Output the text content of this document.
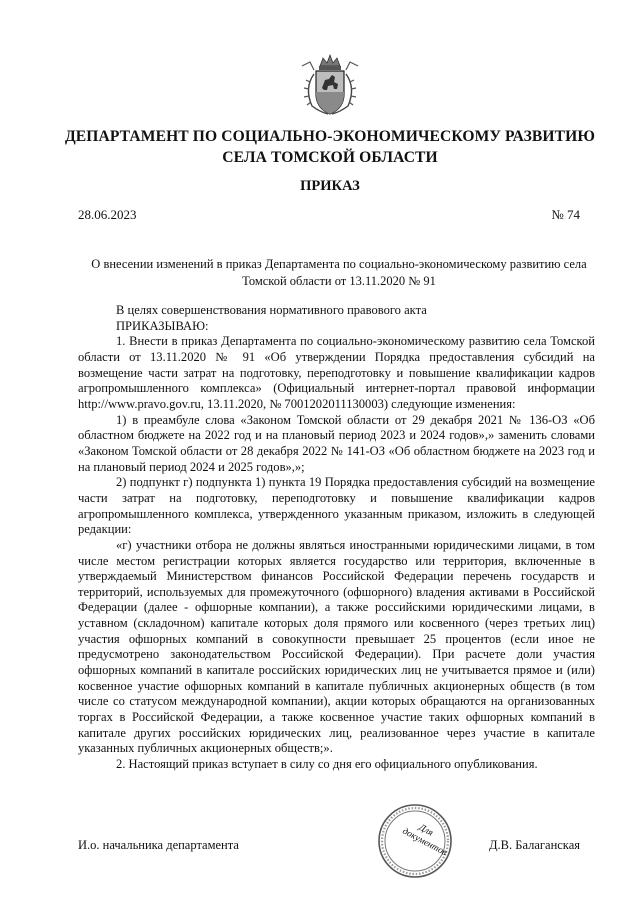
ДЕПАРТАМЕНТ ПО СОЦИАЛЬНО-ЭКОНОМИЧЕСКОМУ РАЗВИТИЮ СЕЛА ТОМСКОЙ ОБЛАСТИ
ПРИКАЗ
28.06.2023	№ 74
О внесении изменений в приказ Департамента по социально-экономическому развитию села Томской области от 13.11.2020 № 91

В целях совершенствования нормативного правового акта

ПРИКАЗЫВАЮ:

1. Внести в приказ Департамента по социально-экономическому развитию села Томской области от 13.11.2020 № 91 «Об утверждении Порядка предоставления субсидий на возмещение части затрат на подготовку, переподготовку и повышение квалификации кадров агропромышленного комплекса» (Официальный интернет-портал правовой информации http://www.pravo.gov.ru, 13.11.2020, № 7001202011130003) следующие изменения:

1) в преамбуле слова «Законом Томской области от 29 декабря 2021 № 136-ОЗ «Об областном бюджете на 2022 год и на плановый период 2023 и 2024 годов»,» заменить словами «Законом Томской области от 28 декабря 2022 № 141-ОЗ «Об областном бюджете на 2023 год и на плановый период 2024 и 2025 годов»,»;

2) подпункт г) подпункта 1) пункта 19 Порядка предоставления субсидий на возмещение части затрат на подготовку, переподготовку и повышение квалификации кадров агропромышленного комплекса, утвержденного указанным приказом, изложить в следующей редакции:

«г) участники отбора не должны являться иностранными юридическими лицами, в том числе местом регистрации которых является государство или территория, включенные в утверждаемый Министерством финансов Российской Федерации перечень государств и территорий, используемых для промежуточного (офшорного) владения активами в Российской Федерации (далее - офшорные компании), а также российскими юридическими лицами, в уставном (складочном) капитале которых доля прямого или косвенного (через третьих лиц) участия офшорных компаний в совокупности превышает 25 процентов (если иное не предусмотрено законодательством Российской Федерации). При расчете доли участия офшорных компаний в капитале российских юридических лиц не учитывается прямое и (или) косвенное участие офшорных компаний в капитале публичных акционерных обществ (в том числе со статусом международной компании), акции которых обращаются на организованных торгах в Российской Федерации, а также косвенное участие таких офшорных компаний в капитале других российских юридических лиц, реализованное через участие в капитале указанных публичных акционерных обществ;».

2. Настоящий приказ вступает в силу со дня его официального опубликования.

И.о. начальника департамента
Для документов	Д.В. Балаганская
